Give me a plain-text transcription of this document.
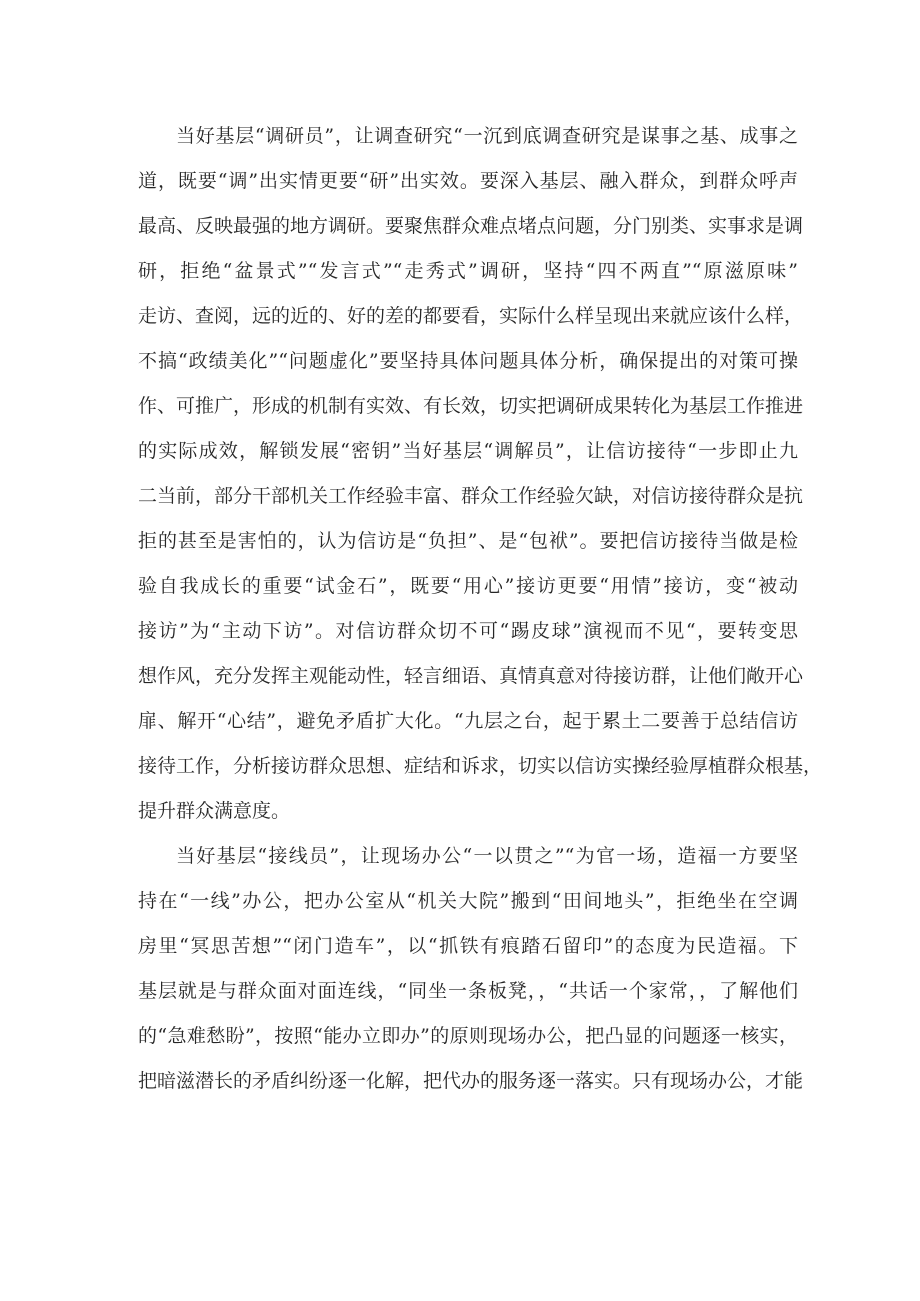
当好基层“调研员”，让调查研究“一沉到底调查研究是谋事之基、成事之
道，既要“调”出实情更要“研”出实效。要深入基层、融入群众，到群众呼声
最高、反映最强的地方调研。要聚焦群众难点堵点问题，分门别类、实事求是调
研，拒绝“盆景式”“发言式”“走秀式”调研，坚持“四不两直”“原滋原味”
走访、查阅，远的近的、好的差的都要看，实际什么样呈现出来就应该什么样，
不搞“政绩美化”“问题虚化”要坚持具体问题具体分析，确保提出的对策可操
作、可推广，形成的机制有实效、有长效，切实把调研成果转化为基层工作推进
的实际成效，解锁发展“密钥”当好基层“调解员”，让信访接待“一步即止九
二当前，部分干部机关工作经验丰富、群众工作经验欠缺，对信访接待群众是抗
拒的甚至是害怕的，认为信访是“负担”、是“包袱”。要把信访接待当做是检
验自我成长的重要“试金石”，既要“用心”接访更要“用情”接访，变“被动
接访”为“主动下访”。对信访群众切不可“踢皮球”演视而不见“，要转变思
想作风，充分发挥主观能动性，轻言细语、真情真意对待接访群，让他们敞开心
扉、解开“心结”，避免矛盾扩大化。“九层之台，起于累土二要善于总结信访
接待工作，分析接访群众思想、症结和诉求，切实以信访实操经验厚植群众根基，
提升群众满意度。
当好基层“接线员”，让现场办公“一以贯之”“为官一场，造福一方要坚
持在“一线”办公，把办公室从“机关大院”搬到“田间地头”，拒绝坐在空调
房里“冥思苦想”“闭门造车”，以“抓铁有痕踏石留印”的态度为民造福。下
基层就是与群众面对面连线，“同坐一条板凳，，“共话一个家常，，了解他们
的“急难愁盼”，按照“能办立即办”的原则现场办公，把凸显的问题逐一核实，
把暗滋潜长的矛盾纠纷逐一化解，把代办的服务逐一落实。只有现场办公，才能
